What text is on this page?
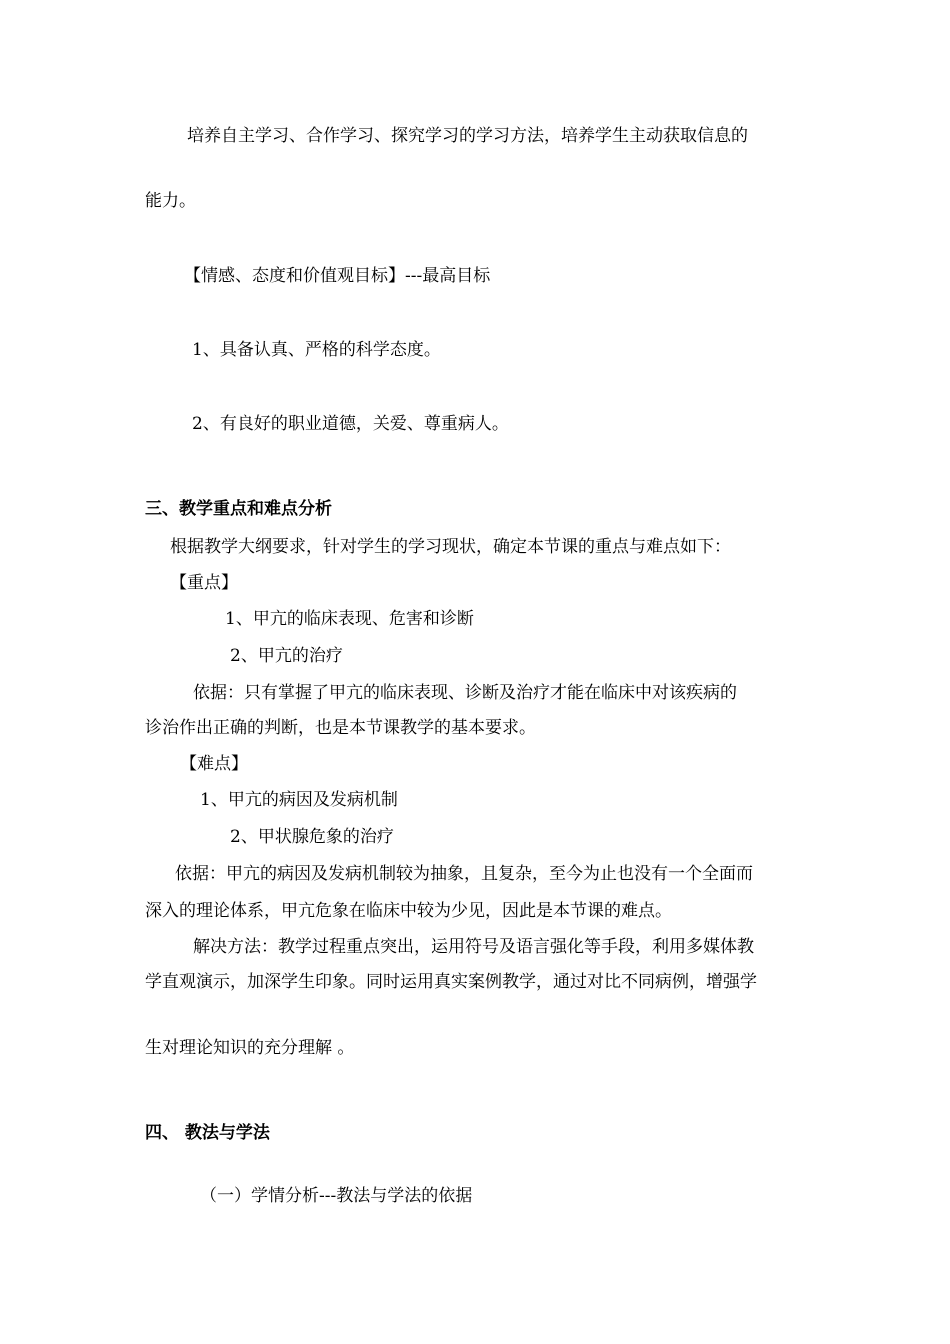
培养自主学习、合作学习、探究学习的学习方法，培养学生主动获取信息的
能力。
【情感、态度和价值观目标】---最高目标
1、具备认真、严格的科学态度。
2、有良好的职业道德，关爱、尊重病人。
三、教学重点和难点分析
根据教学大纲要求，针对学生的学习现状，确定本节课的重点与难点如下：
【重点】
1、甲亢的临床表现、危害和诊断
2、甲亢的治疗
依据：只有掌握了甲亢的临床表现、诊断及治疗才能在临床中对该疾病的
诊治作出正确的判断，也是本节课教学的基本要求。
【难点】
1、甲亢的病因及发病机制
2、甲状腺危象的治疗
依据：甲亢的病因及发病机制较为抽象，且复杂，至今为止也没有一个全面而
深入的理论体系，甲亢危象在临床中较为少见，因此是本节课的难点。
解决方法：教学过程重点突出，运用符号及语言强化等手段，利用多媒体教
学直观演示，加深学生印象。同时运用真实案例教学，通过对比不同病例，增强学
生对理论知识的充分理解 。
四、 教法与学法
（一）学情分析---教法与学法的依据
